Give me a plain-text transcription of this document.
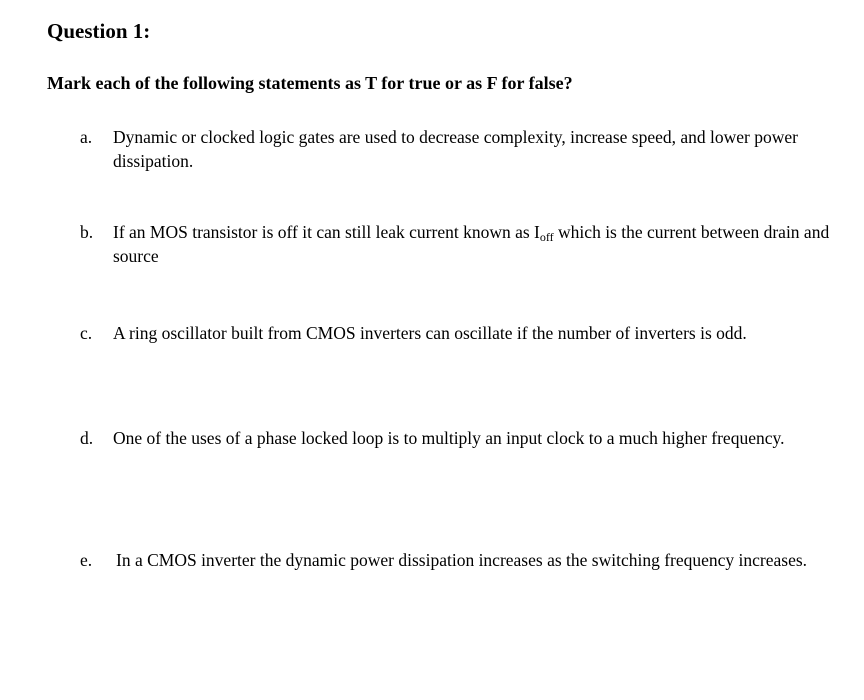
Question 1:

Mark each of the following statements as T for true or as F for false?

a. Dynamic or clocked logic gates are used to decrease complexity, increase speed, and lower power dissipation.
b. If an MOS transistor is off it can still leak current known as $I_{off}$ which is the current between drain and source
c. A ring oscillator built from CMOS inverters can oscillate if the number of inverters is odd.
d. One of the uses of a phase locked loop is to multiply an input clock to a much higher frequency.
e. In a CMOS inverter the dynamic power dissipation increases as the switching frequency increases.
